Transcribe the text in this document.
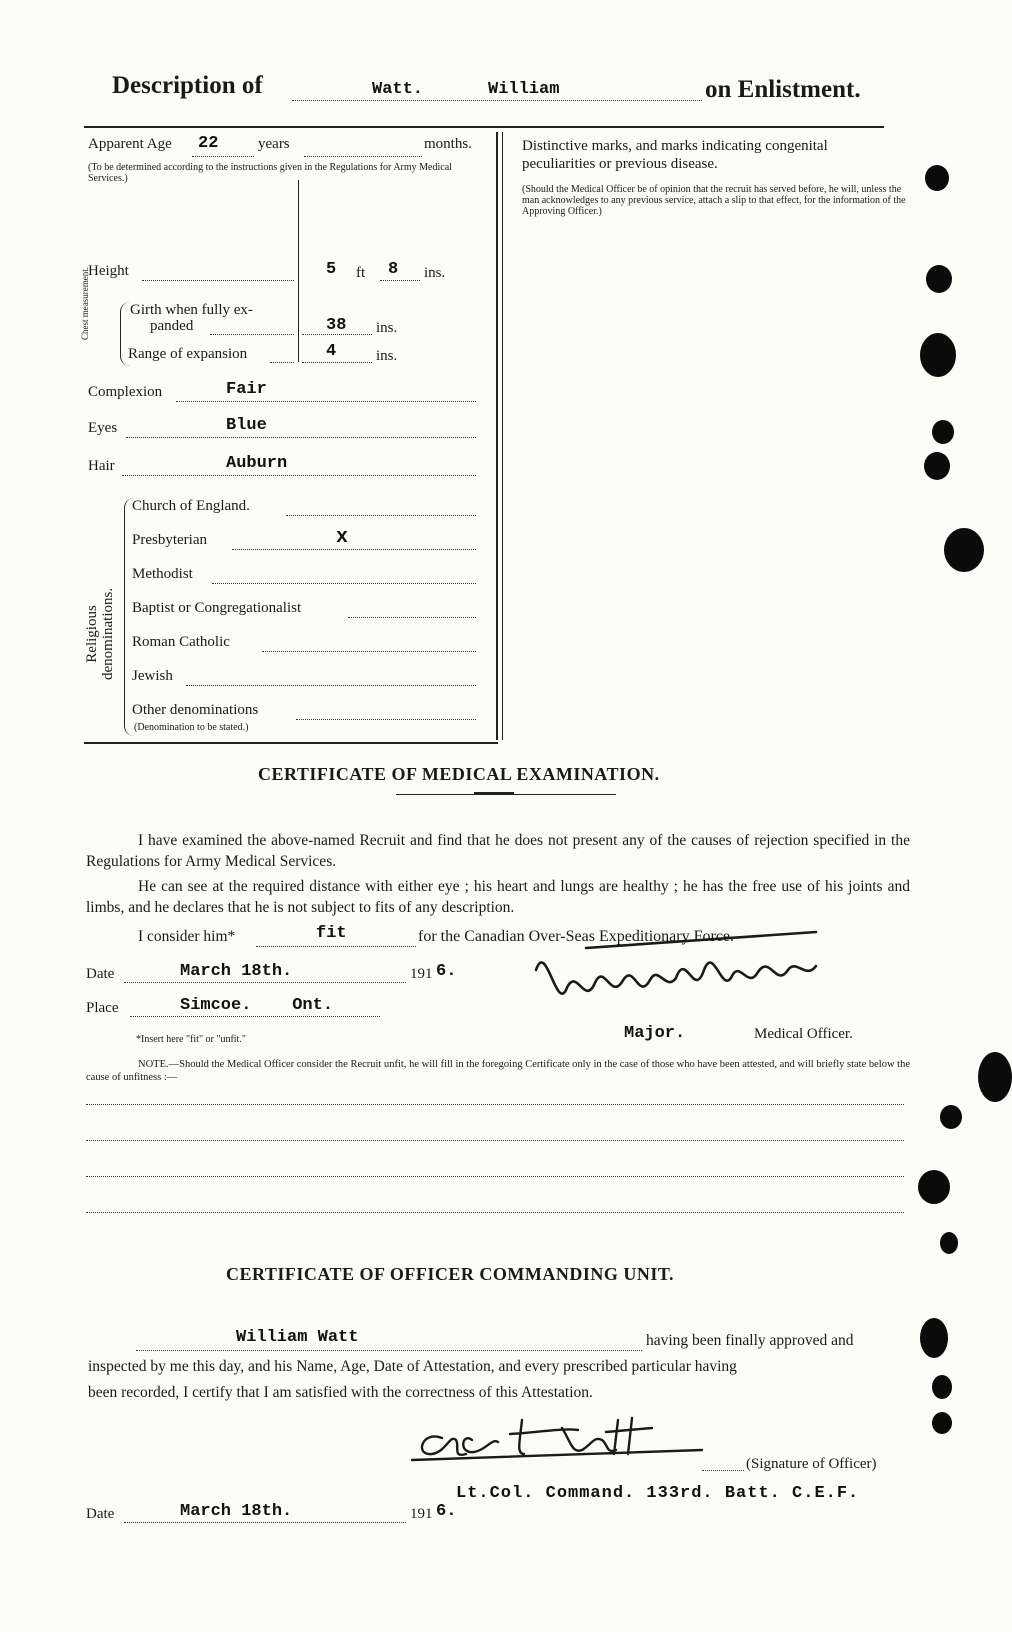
Description of	Watt.	William	on Enlistment.
Apparent Age 22	years	months.
(To be determined according to the instructions given in the Regulations for Army Medical Services.)
Height	5 ft 8 ins.
Chest measurement.	Girth when fully ex-
panded	38 ins.
Range of expansion	4	ins.
Complexion	Fair
Eyes	Blue
Hair	Auburn
Religious denominations.
Church of England.
Presbyterian	x
Methodist
Baptist or Congregationalist
Roman Catholic
Jewish
Other denominations
(Denomination to be stated.)
Distinctive marks, and marks indicating congenital
peculiarities or previous disease.
(Should the Medical Officer be of opinion that the recruit has served before, he will, unless the man acknowledges to any previous service, attach a slip to that effect, for the information of the Approving Officer.)
CERTIFICATE OF MEDICAL EXAMINATION.
I have examined the above-named Recruit and find that he does not present any of the causes of rejection specified in the Regulations for Army Medical Services.
He can see at the required distance with either eye ; his heart and lungs are healthy ; he has the free use of his joints and limbs, and he declares that he is not subject to fits of any description.
I consider him*	fit	for the Canadian Over-Seas Expeditionary Force.
Date	March 18th.	191 6.
Place	Simcoe.    Ont.
*Insert here "fit" or "unfit."	Major.	Medical Officer.
NOTE.—Should the Medical Officer consider the Recruit unfit, he will fill in the foregoing Certificate only in the case of those who have been attested, and will briefly state below the cause of unfitness :—
CERTIFICATE OF OFFICER COMMANDING UNIT.
William Watt	having been finally approved and
inspected by me this day, and his Name, Age, Date of Attestation, and every prescribed particular having
been recorded, I certify that I am satisfied with the correctness of this Attestation.
(Signature of Officer)
Lt.Col. Command. 133rd. Batt. C.E.F.
Date	March 18th.	191 6.
